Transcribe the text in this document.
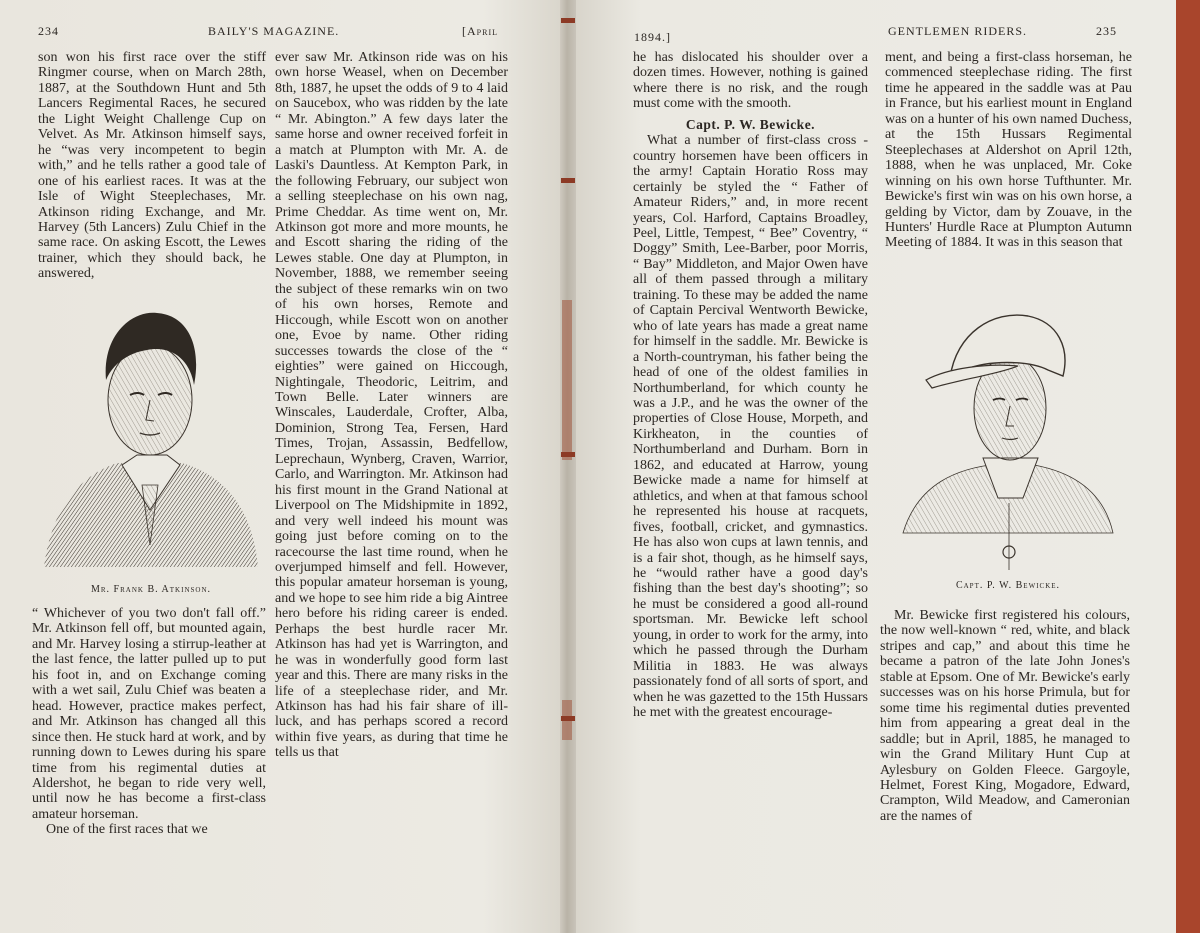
234	BAILY'S MAGAZINE.	[April

son won his first race over the stiff Ringmer course, when on March 28th, 1887, at the Southdown Hunt and 5th Lancers Regimental Races, he secured the Light Weight Challenge Cup on Velvet. As Mr. Atkinson himself says, he “was very incompetent to begin with,” and he tells rather a good tale of one of his earliest races. It was at the Isle of Wight Steeplechases, Mr. Atkinson riding Exchange, and Mr. Harvey (5th Lancers) Zulu Chief in the same race. On asking Escott, the Lewes trainer, which they should back, he answered,

Mr. Frank B. Atkinson.

“ Whichever of you two don't fall off.” Mr. Atkinson fell off, but mounted again, and Mr. Harvey losing a stirrup-leather at the last fence, the latter pulled up to put his foot in, and on Exchange coming with a wet sail, Zulu Chief was beaten a head. However, practice makes perfect, and Mr. Atkinson has changed all this since then. He stuck hard at work, and by running down to Lewes during his spare time from his regimental duties at Aldershot, he began to ride very well, until now he has become a first-class amateur horseman.

One of the first races that we

ever saw Mr. Atkinson ride was on his own horse Weasel, when on December 8th, 1887, he upset the odds of 9 to 4 laid on Saucebox, who was ridden by the late “ Mr. Abington.” A few days later the same horse and owner received forfeit in a match at Plumpton with Mr. A. de Laski's Dauntless. At Kempton Park, in the following February, our subject won a selling steeplechase on his own nag, Prime Cheddar. As time went on, Mr. Atkinson got more and more mounts, he and Escott sharing the riding of the Lewes stable. One day at Plumpton, in November, 1888, we remember seeing the subject of these remarks win on two of his own horses, Remote and Hiccough, while Escott won on another one, Evoe by name. Other riding successes towards the close of the “ eighties” were gained on Hiccough, Nightingale, Theodoric, Leitrim, and Town Belle. Later winners are Winscales, Lauderdale, Crofter, Alba, Dominion, Strong Tea, Fersen, Hard Times, Trojan, Assassin, Bedfellow, Leprechaun, Wynberg, Craven, Warrior, Carlo, and Warrington. Mr. Atkinson had his first mount in the Grand National at Liverpool on The Midshipmite in 1892, and very well indeed his mount was going just before coming on to the racecourse the last time round, when he overjumped himself and fell. However, this popular amateur horseman is young, and we hope to see him ride a big Aintree hero before his riding career is ended. Perhaps the best hurdle racer Mr. Atkinson has had yet is Warrington, and he was in wonderfully good form last year and this. There are many risks in the life of a steeplechase rider, and Mr. Atkinson has had his fair share of ill-luck, and has perhaps scored a record within five years, as during that time he tells us that

1894.]	GENTLEMEN RIDERS.	235

he has dislocated his shoulder over a dozen times. However, nothing is gained where there is no risk, and the rough must come with the smooth.

Capt. P. W. Bewicke.

What a number of first-class cross - country horsemen have been officers in the army! Captain Horatio Ross may certainly be styled the “ Father of Amateur Riders,” and, in more recent years, Col. Harford, Captains Broadley, Peel, Little, Tempest, “ Bee” Coventry, “ Doggy” Smith, Lee-Barber, poor Morris, “ Bay” Middleton, and Major Owen have all of them passed through a military training. To these may be added the name of Captain Percival Wentworth Bewicke, who of late years has made a great name for himself in the saddle. Mr. Bewicke is a North-countryman, his father being the head of one of the oldest families in Northumberland, for which county he was a J.P., and he was the owner of the properties of Close House, Morpeth, and Kirkheaton, in the counties of Northumberland and Durham. Born in 1862, and educated at Harrow, young Bewicke made a name for himself at athletics, and when at that famous school he represented his house at racquets, fives, football, cricket, and gymnastics. He has also won cups at lawn tennis, and is a fair shot, though, as he himself says, he “would rather have a good day's fishing than the best day's shooting”; so he must be considered a good all-round sportsman. Mr. Bewicke left school young, in order to work for the army, into which he passed through the Durham Militia in 1883. He was always passionately fond of all sorts of sport, and when he was gazetted to the 15th Hussars he met with the greatest encourage-

ment, and being a first-class horseman, he commenced steeplechase riding. The first time he appeared in the saddle was at Pau in France, but his earliest mount in England was on a hunter of his own named Duchess, at the 15th Hussars Regimental Steeplechases at Aldershot on April 12th, 1888, when he was unplaced, Mr. Coke winning on his own horse Tufthunter. Mr. Bewicke's first win was on his own horse, a gelding by Victor, dam by Zouave, in the Hunters' Hurdle Race at Plumpton Autumn Meeting of 1884. It was in this season that

Capt. P. W. Bewicke.

Mr. Bewicke first registered his colours, the now well-known “ red, white, and black stripes and cap,” and about this time he became a patron of the late John Jones's stable at Epsom. One of Mr. Bewicke's early successes was on his horse Primula, but for some time his regimental duties prevented him from appearing a great deal in the saddle; but in April, 1885, he managed to win the Grand Military Hunt Cup at Aylesbury on Golden Fleece. Gargoyle, Helmet, Forest King, Mogadore, Edward, Crampton, Wild Meadow, and Cameronian are the names of
